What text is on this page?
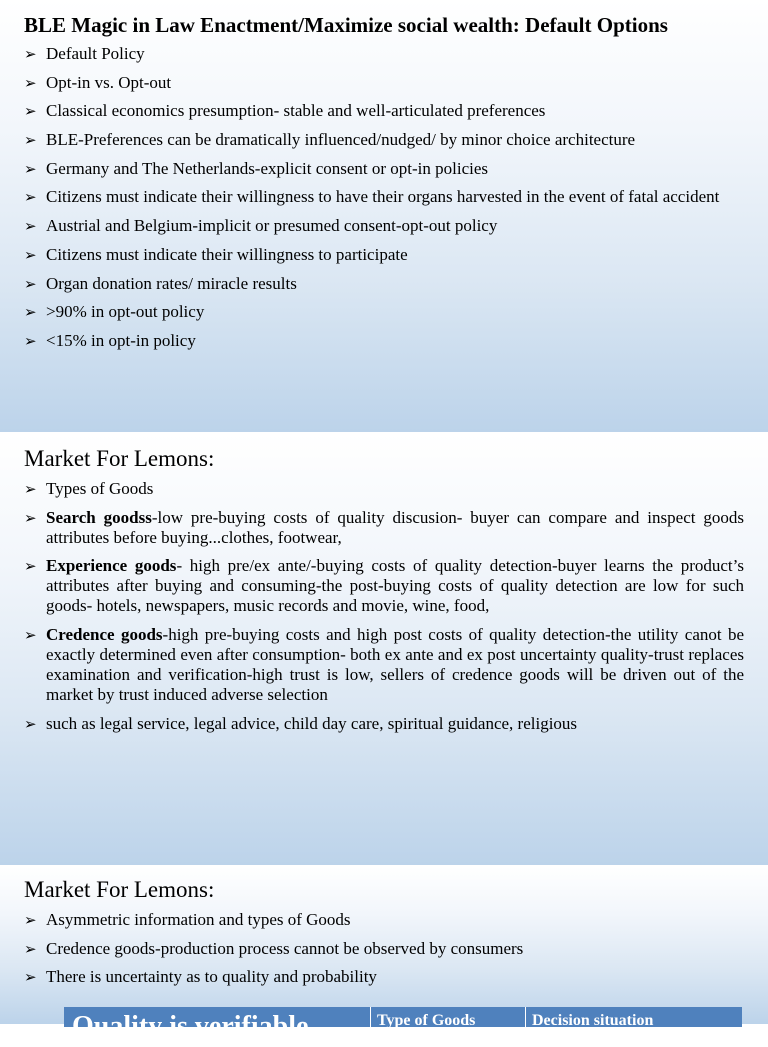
BLE Magic in Law Enactment/Maximize social wealth: Default Options
➢ Default Policy
➢ Opt-in vs. Opt-out
➢ Classical economics presumption- stable and well-articulated preferences
➢ BLE-Preferences can be dramatically influenced/nudged/ by minor choice architecture
➢ Germany and The Netherlands-explicit consent or opt-in policies
➢ Citizens must indicate their willingness to have their organs harvested in the event of fatal accident
➢ Austrial and Belgium-implicit or presumed consent-opt-out policy
➢ Citizens must indicate their willingness to participate
➢ Organ donation rates/ miracle results
➢ >90% in opt-out policy
➢ <15% in opt-in policy
Market For Lemons:
➢ Types of Goods
➢ Search goodss-low pre-buying costs of quality discusion- buyer can compare and inspect goods attributes before buying...clothes, footwear,
➢ Experience goods- high pre/ex ante/-buying costs of quality detection-buyer learns the product’s attributes after buying and consuming-the post-buying costs of quality detection are low for such goods- hotels, newspapers, music records and movie, wine, food,
➢ Credence goods-high pre-buying costs and high post costs of quality detection-the utility canot be exactly determined even after consumption- both ex ante and ex post uncertainty quality-trust replaces examination and verification-high trust is low, sellers of credence goods will be driven out of the market by trust induced adverse selection
➢ such as legal service, legal advice, child day care, spiritual guidance, religious
Market For Lemons:
➢ Asymmetric information and types of Goods
➢ Credence goods-production process cannot be observed by consumers
➢ There is uncertainty as to quality and probability
Quality is verifiable	Type of Goods	Decision situation
